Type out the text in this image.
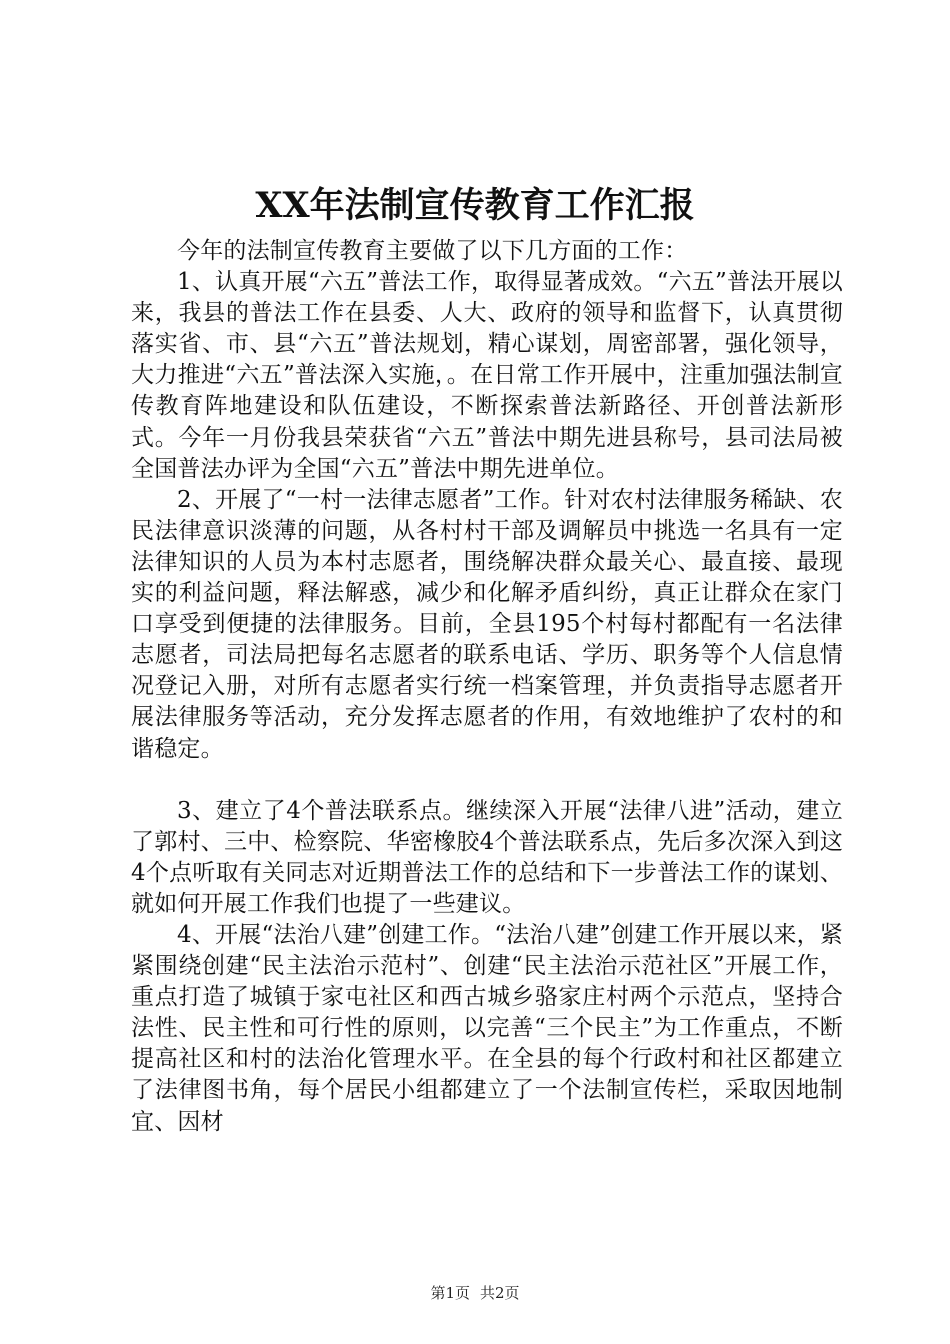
XX年法制宣传教育工作汇报

今年的法制宣传教育主要做了以下几方面的工作：

1、认真开展“六五”普法工作，取得显著成效。“六五”普法开展以来，我县的普法工作在县委、人大、政府的领导和监督下，认真贯彻落实省、市、县“六五”普法规划，精心谋划，周密部署，强化领导，大力推进“六五”普法深入实施，。在日常工作开展中，注重加强法制宣传教育阵地建设和队伍建设，不断探索普法新路径、开创普法新形式。今年一月份我县荣获省“六五”普法中期先进县称号，县司法局被全国普法办评为全国“六五”普法中期先进单位。

2、开展了“一村一法律志愿者”工作。针对农村法律服务稀缺、农民法律意识淡薄的问题，从各村村干部及调解员中挑选一名具有一定法律知识的人员为本村志愿者，围绕解决群众最关心、最直接、最现实的利益问题，释法解惑，减少和化解矛盾纠纷，真正让群众在家门口享受到便捷的法律服务。目前，全县195个村每村都配有一名法律志愿者，司法局把每名志愿者的联系电话、学历、职务等个人信息情况登记入册，对所有志愿者实行统一档案管理，并负责指导志愿者开展法律服务等活动，充分发挥志愿者的作用，有效地维护了农村的和谐稳定。

3、建立了4个普法联系点。继续深入开展“法律八进”活动，建立了郭村、三中、检察院、华密橡胶4个普法联系点，先后多次深入到这4个点听取有关同志对近期普法工作的总结和下一步普法工作的谋划、就如何开展工作我们也提了一些建议。

4、开展“法治八建”创建工作。“法治八建”创建工作开展以来，紧紧围绕创建“民主法治示范村”、创建“民主法治示范社区”开展工作，重点打造了城镇于家屯社区和西古城乡骆家庄村两个示范点，坚持合法性、民主性和可行性的原则，以完善“三个民主”为工作重点，不断提高社区和村的法治化管理水平。在全县的每个行政村和社区都建立了法律图书角，每个居民小组都建立了一个法制宣传栏，采取因地制宜、因材

第1页 共2页
